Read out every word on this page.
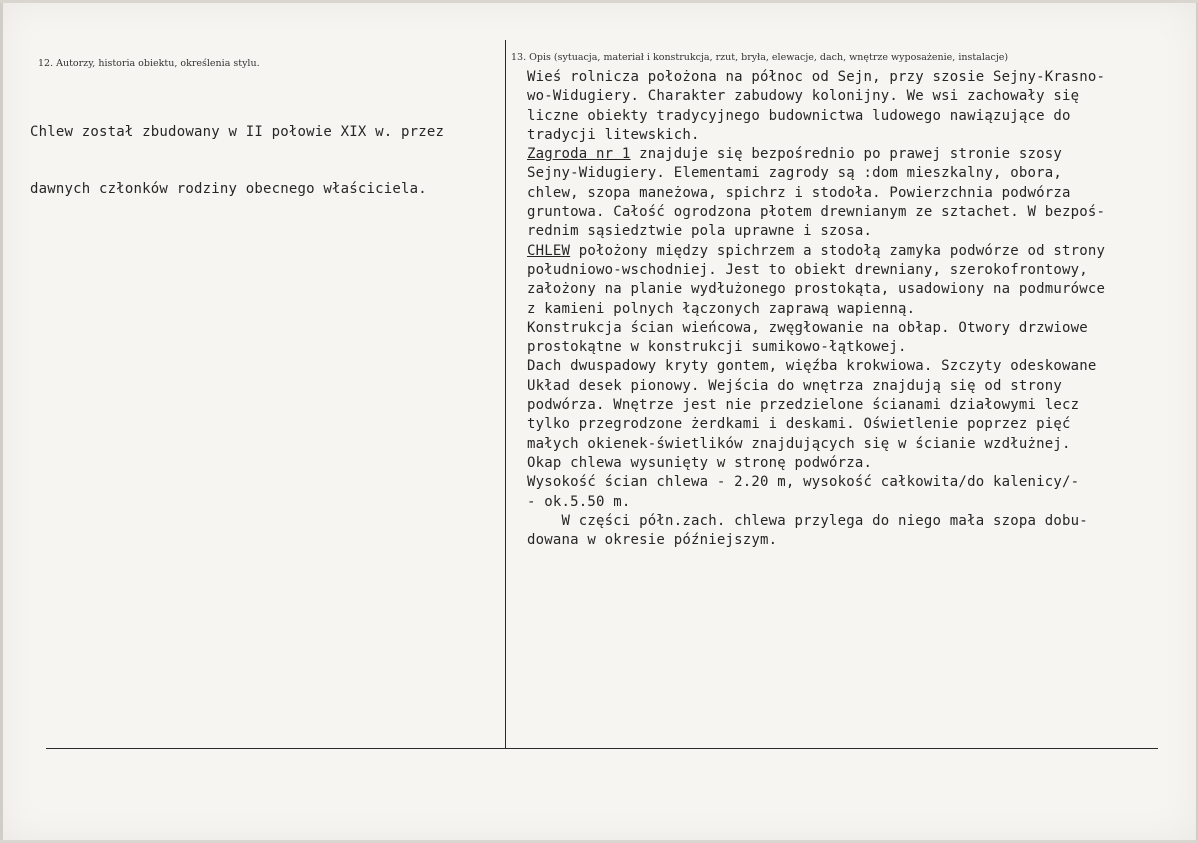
12. Autorzy, historia obiektu, określenia stylu.
13. Opis (sytuacja, materiał i konstrukcja, rzut, bryła, elewacje, dach, wnętrze wyposażenie, instalacje)

Chlew został zbudowany w II połowie XIX w. przez

dawnych członków rodziny obecnego właściciela.

Wieś rolnicza położona na północ od Sejn, przy szosie Sejny-Krasno-
wo-Widugiery. Charakter zabudowy kolonijny. We wsi zachowały się
liczne obiekty tradycyjnego budownictwa ludowego nawiązujące do
tradycji litewskich.
Zagroda nr 1 znajduje się bezpośrednio po prawej stronie szosy
Sejny-Widugiery. Elementami zagrody są :dom mieszkalny, obora,
chlew, szopa maneżowa, spichrz i stodoła. Powierzchnia podwórza
gruntowa. Całość ogrodzona płotem drewnianym ze sztachet. W bezpoś-
rednim sąsiedztwie pola uprawne i szosa.
CHLEW położony między spichrzem a stodołą zamyka podwórze od strony
południowo-wschodniej. Jest to obiekt drewniany, szerokofrontowy,
założony na planie wydłużonego prostokąta, usadowiony na podmurówce
z kamieni polnych łączonych zaprawą wapienną.
Konstrukcja ścian wieńcowa, zwęgłowanie na obłap. Otwory drzwiowe
prostokątne w konstrukcji sumikowo-łątkowej.
Dach dwuspadowy kryty gontem, więźba krokwiowa. Szczyty odeskowane
Układ desek pionowy. Wejścia do wnętrza znajdują się od strony
podwórza. Wnętrze jest nie przedzielone ścianami działowymi lecz
tylko przegrodzone żerdkami i deskami. Oświetlenie poprzez pięć
małych okienek-świetlików znajdujących się w ścianie wzdłużnej.
Okap chlewa wysunięty w stronę podwórza.
Wysokość ścian chlewa - 2.20 m, wysokość całkowita/do kalenicy/-
- ok.5.50 m.
W części półn.zach. chlewa przylega do niego mała szopa dobu-
dowana w okresie późniejszym.
